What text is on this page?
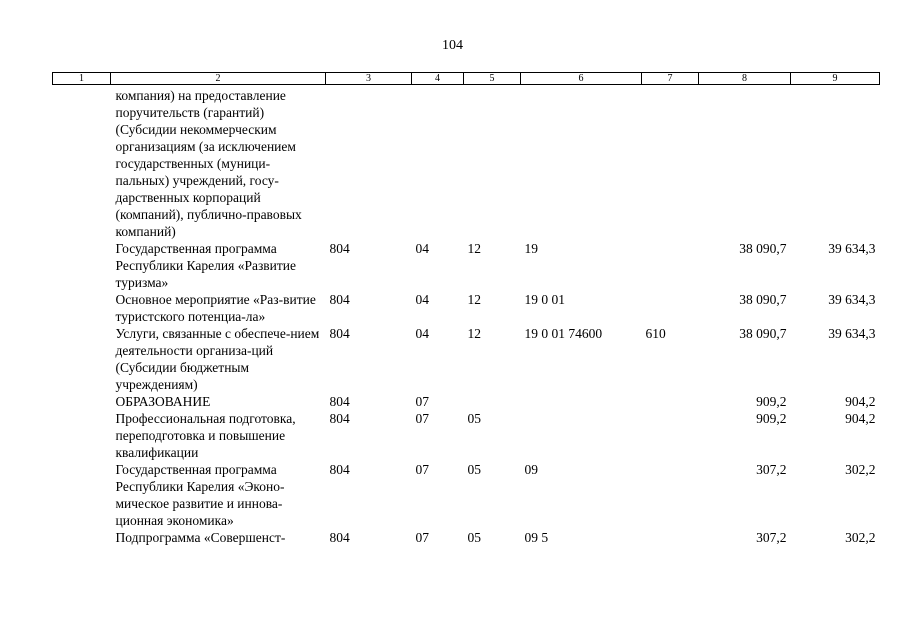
104
1	2	3	4	5	6	7	8	9
	компания) на предоставление поручительств (гарантий) (Субсидии некоммерческим организациям (за исключением государственных (муници-пальных) учреждений, госу-дарственных корпораций (компаний), публично-правовых компаний)							
	Государственная программа Республики Карелия «Развитие туризма»	804	04	12	19		38 090,7	39 634,3
	Основное мероприятие «Раз-витие туристского потенциа-ла»	804	04	12	19 0 01		38 090,7	39 634,3
	Услуги, связанные с обеспече-нием деятельности организа-ций (Субсидии бюджетным учреждениям)	804	04	12	19 0 01 74600	610	38 090,7	39 634,3
	ОБРАЗОВАНИЕ	804	07				909,2	904,2
	Профессиональная подготовка, переподготовка и повышение квалификации	804	07	05			909,2	904,2
	Государственная программа Республики Карелия «Эконо-мическое развитие и иннова-ционная экономика»	804	07	05	09		307,2	302,2
	Подпрограмма «Совершенст-	804	07	05	09 5		307,2	302,2
